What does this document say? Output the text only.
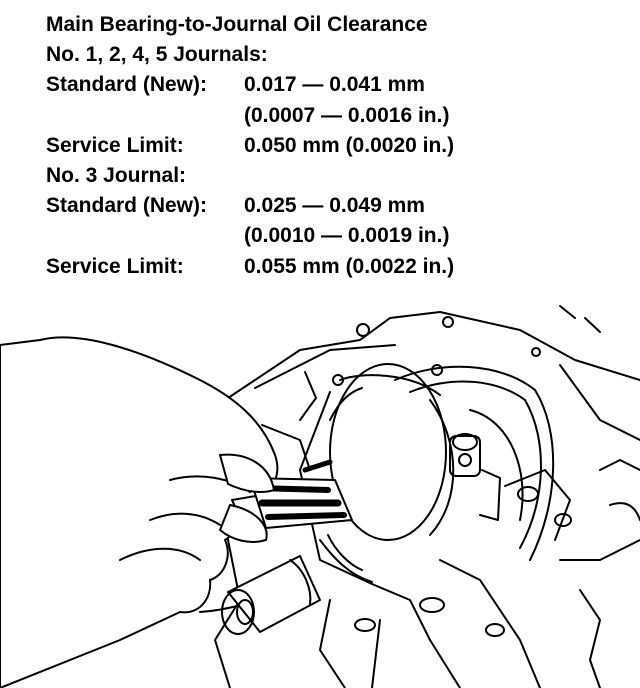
Main Bearing-to-Journal Oil Clearance
No. 1, 2, 4, 5 Journals:
Standard (New): 0.017 — 0.041 mm
(0.0007 — 0.0016 in.)
Service Limit:	0.050 mm (0.0020 in.)
No. 3 Journal:
Standard (New): 0.025 — 0.049 mm
(0.0010 — 0.0019 in.)
Service Limit:	0.055 mm (0.0022 in.)
